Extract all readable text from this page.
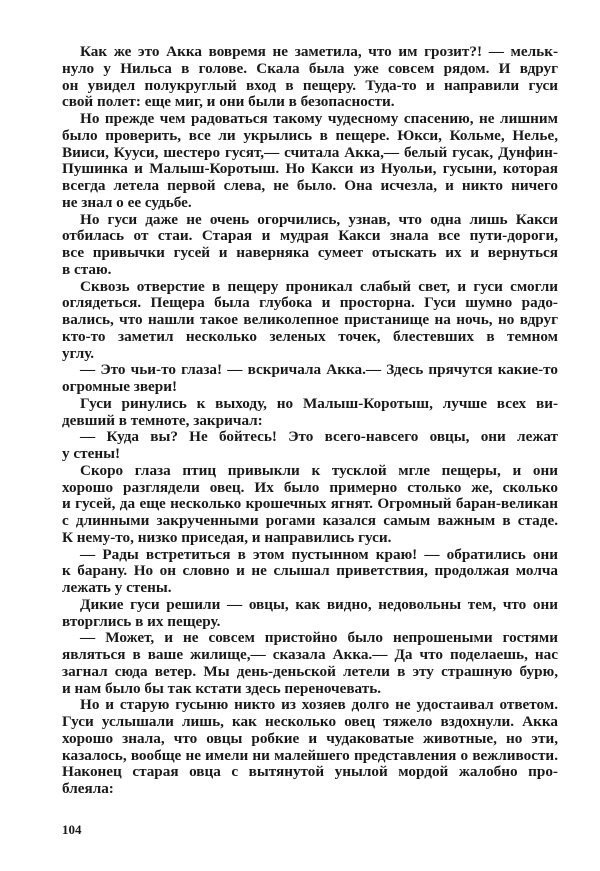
Как же это Акка вовремя не заметила, что им грозит?! — мельк-
нуло у Нильса в голове. Скала была уже совсем рядом. И вдруг
он увидел полукруглый вход в пещеру. Туда-то и направили гуси
свой полет: еще миг, и они были в безопасности.
Но прежде чем радоваться такому чудесному спасению, не лишним
было проверить, все ли укрылись в пещере. Юкси, Кольме, Нелье,
Вииси, Кууси, шестеро гусят,— считала Акка,— белый гусак, Дунфин-
Пушинка и Малыш-Коротыш. Но Какси из Нуольи, гусыни, которая
всегда летела первой слева, не было. Она исчезла, и никто ничего
не знал о ее судьбе.
Но гуси даже не очень огорчились, узнав, что одна лишь Какси
отбилась от стаи. Старая и мудрая Какси знала все пути-дороги,
все привычки гусей и наверняка сумеет отыскать их и вернуться
в стаю.
Сквозь отверстие в пещеру проникал слабый свет, и гуси смогли
оглядеться. Пещера была глубока и просторна. Гуси шумно радо-
вались, что нашли такое великолепное пристанище на ночь, но вдруг
кто-то заметил несколько зеленых точек, блестевших в темном
углу.
— Это чьи-то глаза! — вскричала Акка.— Здесь прячутся какие-то
огромные звери!
Гуси ринулись к выходу, но Малыш-Коротыш, лучше всех ви-
девший в темноте, закричал:
— Куда вы? Не бойтесь! Это всего-навсего овцы, они лежат
у стены!
Скоро глаза птиц привыкли к тусклой мгле пещеры, и они
хорошо разглядели овец. Их было примерно столько же, сколько
и гусей, да еще несколько крошечных ягнят. Огромный баран-великан
с длинными закрученными рогами казался самым важным в стаде.
К нему-то, низко приседая, и направились гуси.
— Рады встретиться в этом пустынном краю! — обратились они
к барану. Но он словно и не слышал приветствия, продолжая молча
лежать у стены.
Дикие гуси решили — овцы, как видно, недовольны тем, что они
вторглись в их пещеру.
— Может, и не совсем пристойно было непрошеными гостями
являться в ваше жилище,— сказала Акка.— Да что поделаешь, нас
загнал сюда ветер. Мы день-деньской летели в эту страшную бурю,
и нам было бы так кстати здесь переночевать.
Но и старую гусыню никто из хозяев долго не удостаивал ответом.
Гуси услышали лишь, как несколько овец тяжело вздохнули. Акка
хорошо знала, что овцы робкие и чудаковатые животные, но эти,
казалось, вообще не имели ни малейшего представления о вежливости.
Наконец старая овца с вытянутой унылой мордой жалобно про-
блеяла:
104
